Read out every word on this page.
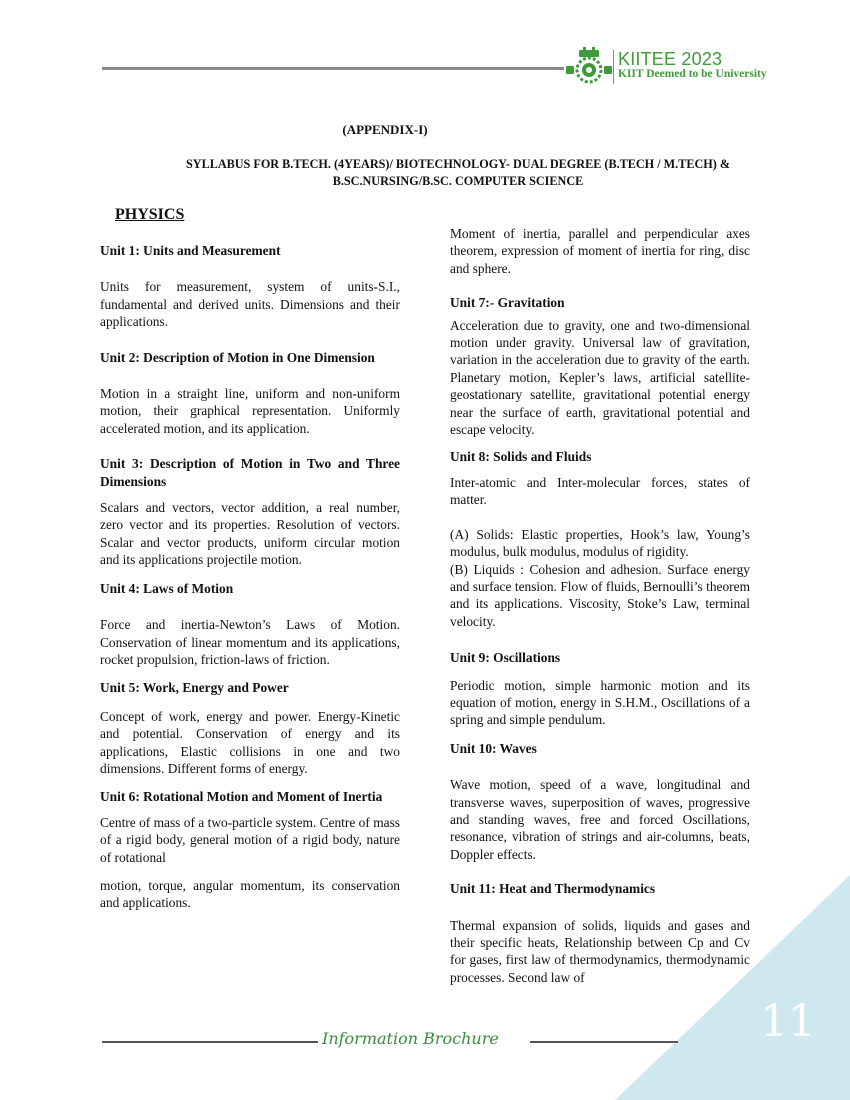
KIITEE 2023
KIIT Deemed to be University
(APPENDIX-I)
SYLLABUS FOR B.TECH. (4YEARS)/ BIOTECHNOLOGY- DUAL DEGREE (B.TECH / M.TECH) & B.SC.NURSING/B.SC. COMPUTER SCIENCE
PHYSICS
Unit 1: Units and Measurement

Units for measurement, system of units-S.I., fundamental and derived units. Dimensions and their applications.

Unit 2: Description of Motion in One Dimension

Motion in a straight line, uniform and non-uniform motion, their graphical representation. Uniformly accelerated motion, and its application.

Unit 3: Description of Motion in Two and Three Dimensions

Scalars and vectors, vector addition, a real number, zero vector and its properties. Resolution of vectors. Scalar and vector products, uniform circular motion and its applications projectile motion.

Unit 4: Laws of Motion

Force and inertia-Newton’s Laws of Motion. Conservation of linear momentum and its applications, rocket propulsion, friction-laws of friction.

Unit 5: Work, Energy and Power

Concept of work, energy and power. Energy-Kinetic and potential. Conservation of energy and its applications, Elastic collisions in one and two dimensions. Different forms of energy.

Unit 6: Rotational Motion and Moment of Inertia

Centre of mass of a two-particle system. Centre of mass of a rigid body, general motion of a rigid body, nature of rotational

motion, torque, angular momentum, its conservation and applications.

Moment of inertia, parallel and perpendicular axes theorem, expression of moment of inertia for ring, disc and sphere.

Unit 7:- Gravitation

Acceleration due to gravity, one and two-dimensional motion under gravity. Universal law of gravitation, variation in the acceleration due to gravity of the earth. Planetary motion, Kepler’s laws, artificial satellite-geostationary satellite, gravitational potential energy near the surface of earth, gravitational potential and escape velocity.

Unit 8: Solids and Fluids

Inter-atomic and Inter-molecular forces, states of matter.

(A) Solids: Elastic properties, Hook’s law, Young’s modulus, bulk modulus, modulus of rigidity.

(B) Liquids : Cohesion and adhesion. Surface energy and surface tension. Flow of fluids, Bernoulli’s theorem and its applications. Viscosity, Stoke’s Law, terminal velocity.

Unit 9: Oscillations

Periodic motion, simple harmonic motion and its equation of motion, energy in S.H.M., Oscillations of a spring and simple pendulum.

Unit 10: Waves

Wave motion, speed of a wave, longitudinal and transverse waves, superposition of waves, progressive and standing waves, free and forced Oscillations, resonance, vibration of strings and air-columns, beats, Doppler effects.

Unit 11: Heat and Thermodynamics

Thermal expansion of solids, liquids and gases and their specific heats, Relationship between Cp and Cv for gases, first law of thermodynamics, thermodynamic processes. Second law of

Information Brochure	11
